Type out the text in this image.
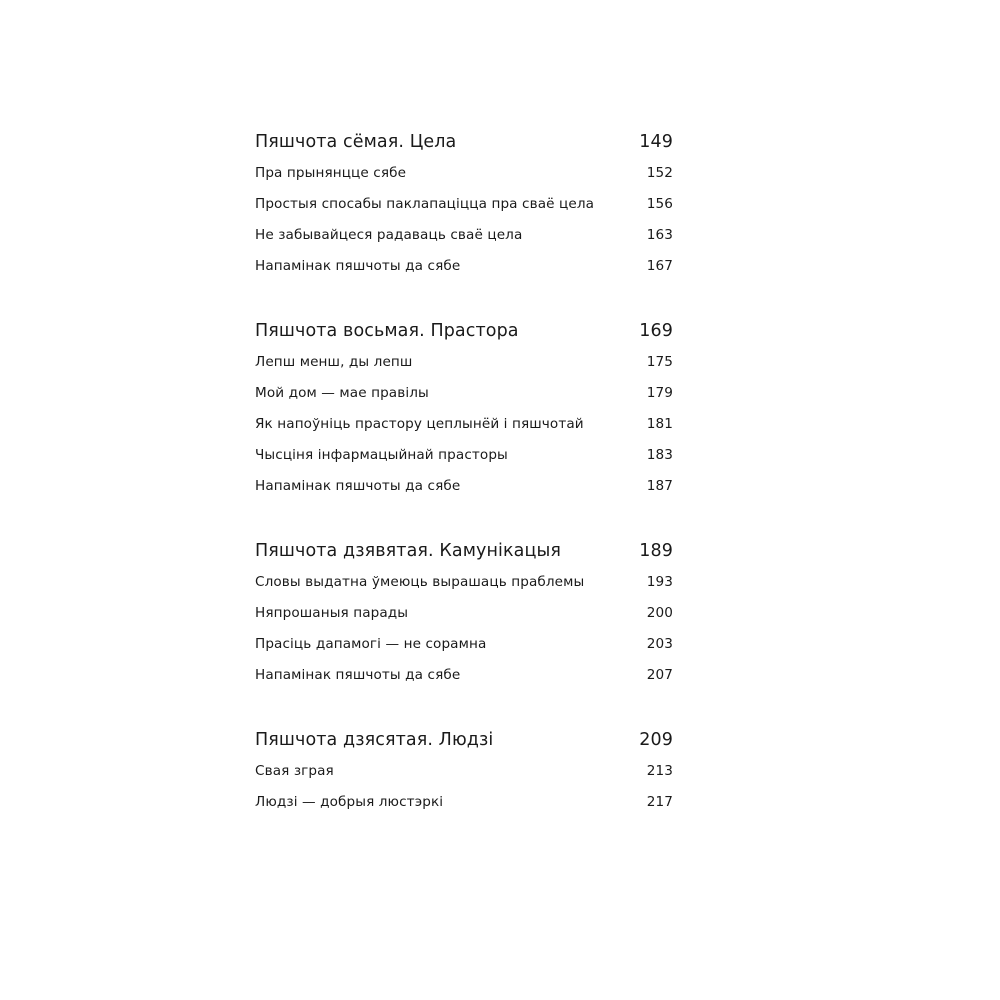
Пяшчота сёмая. Цела	149
Пра прынянцце сябе	152
Простыя спосабы паклапаціцца пра сваё цела	156
Не забывайцеся радаваць сваё цела	163
Напамінак пяшчоты да сябе	167
Пяшчота восьмая. Прастора	169
Лепш менш, ды лепш	175
Мой дом — мае правілы	179
Як напоўніць прастору цеплынёй і пяшчотай	181
Чысціня інфармацыйнай прасторы	183
Напамінак пяшчоты да сябе	187
Пяшчота дзявятая. Камунікацыя	189
Словы выдатна ўмеюць вырашаць праблемы	193
Няпрошаныя парады	200
Прасіць дапамогі — не сорамна	203
Напамінак пяшчоты да сябе	207
Пяшчота дзясятая. Людзі	209
Свая зграя	213
Людзі — добрыя люстэркі	217
